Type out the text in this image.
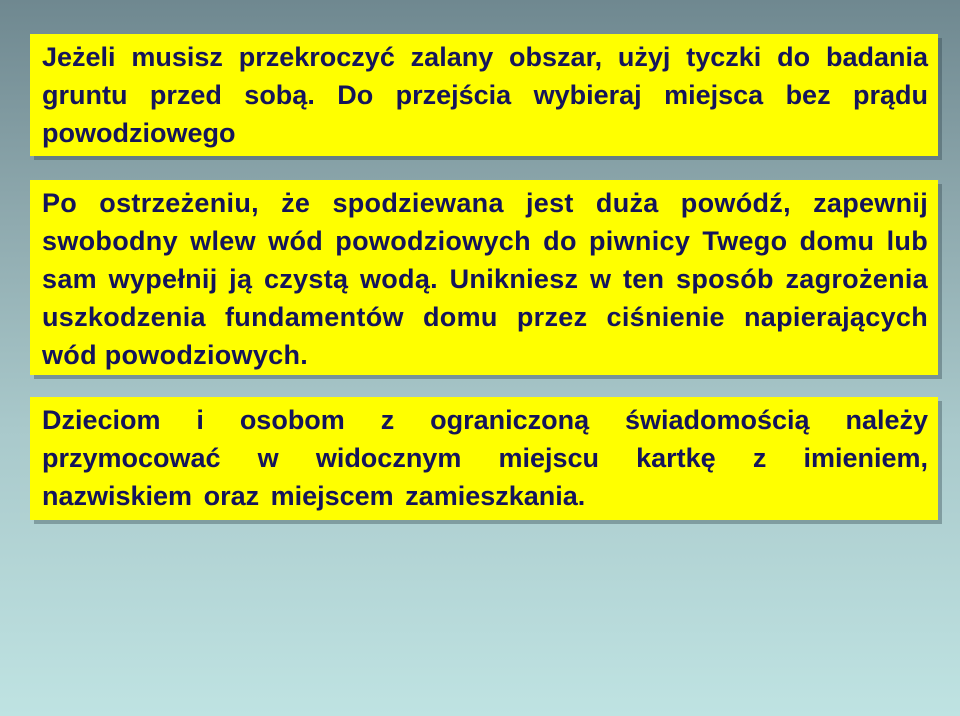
Jeżeli musisz przekroczyć zalany obszar, użyj tyczki do badania gruntu przed sobą. Do przejścia wybieraj miejsca bez prądu powodziowego

Po ostrzeżeniu, że spodziewana jest duża powódź, zapewnij swobodny wlew wód powodziowych do piwnicy Twego domu lub sam wypełnij ją czystą wodą. Unikniesz w ten sposób zagrożenia uszkodzenia fundamentów domu przez ciśnienie napierających wód powodziowych.

Dzieciom i osobom z ograniczoną świadomością należy przymocować w widocznym miejscu kartkę z imieniem, nazwiskiem oraz miejscem zamieszkania.
